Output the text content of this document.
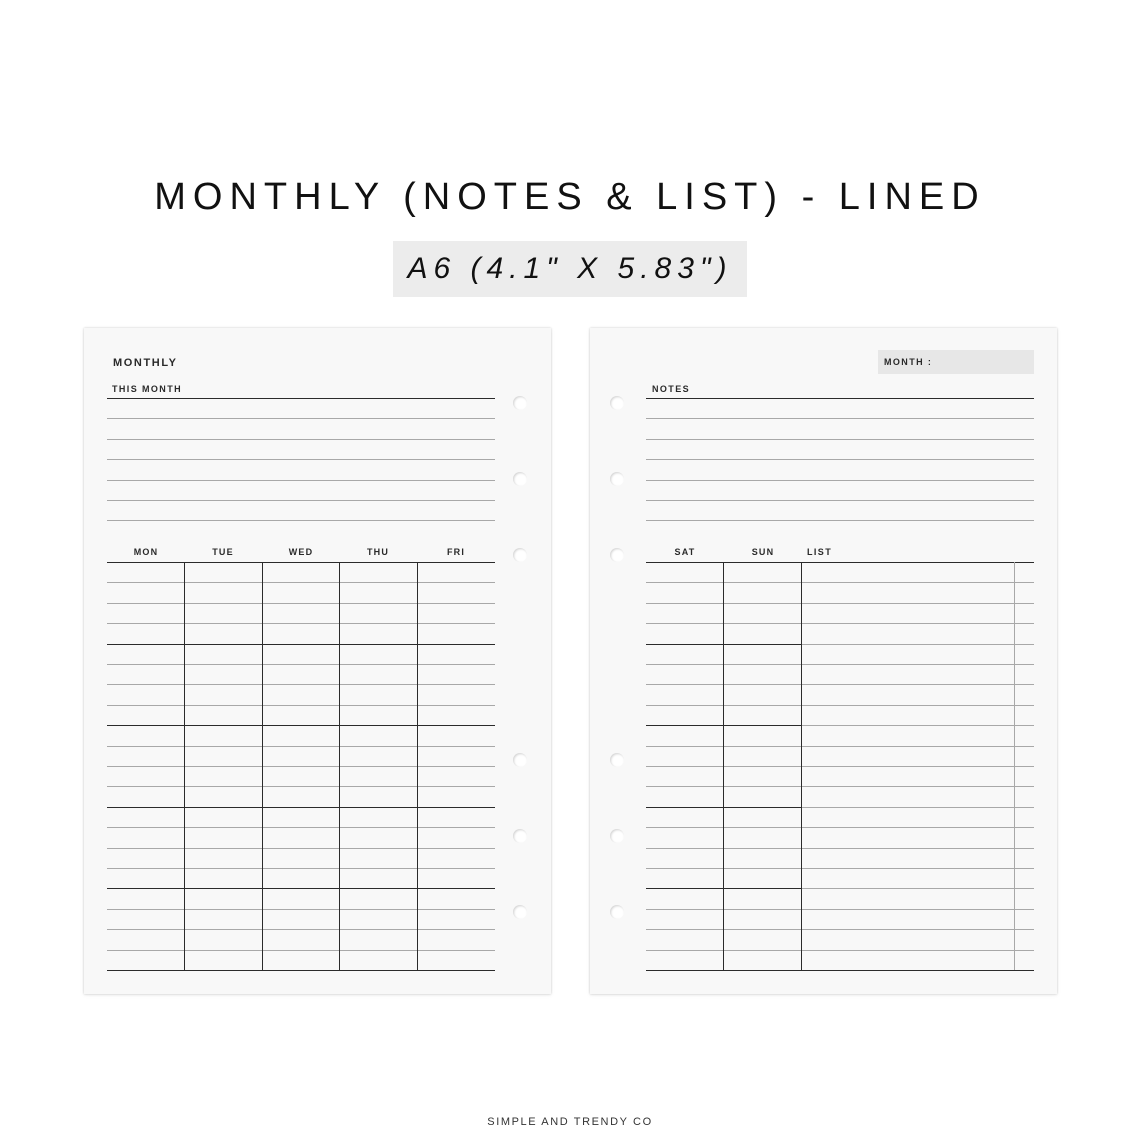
MONTHLY (NOTES & LIST) - LINED
A6 (4.1" X 5.83")
MONTHLY
THIS MONTH
MON	TUE	WED	THU	FRI
MONTH :
NOTES
SAT	SUN	LIST
SIMPLE AND TRENDY CO
